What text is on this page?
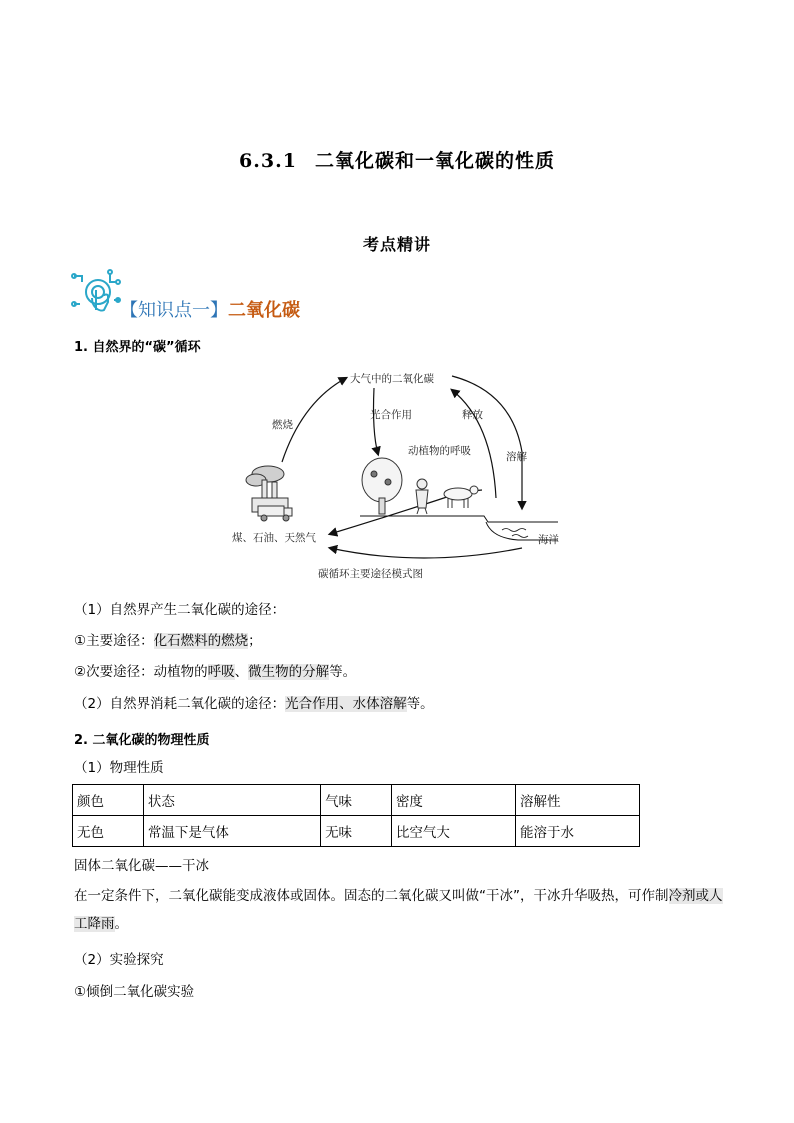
6.3.1 二氧化碳和一氧化碳的性质
考点精讲
【知识点一】二氧化碳
1. 自然界的“碳”循环
大气中的二氧化碳
燃烧
光合作用	释放
动植物的呼吸	溶解
煤、石油、天然气	海洋
碳循环主要途径模式图
（1）自然界产生二氧化碳的途径：
①主要途径：化石燃料的燃烧；
②次要途径：动植物的呼吸、微生物的分解等。
（2）自然界消耗二氧化碳的途径：光合作用、水体溶解等。
2. 二氧化碳的物理性质
（1）物理性质
颜色	状态	气味	密度	溶解性
无色	常温下是气体	无味	比空气大	能溶于水
固体二氧化碳——干冰
在一定条件下，二氧化碳能变成液体或固体。固态的二氧化碳又叫做“干冰”，干冰升华吸热，可作制冷剂或人工降雨。
（2）实验探究
①倾倒二氧化碳实验
